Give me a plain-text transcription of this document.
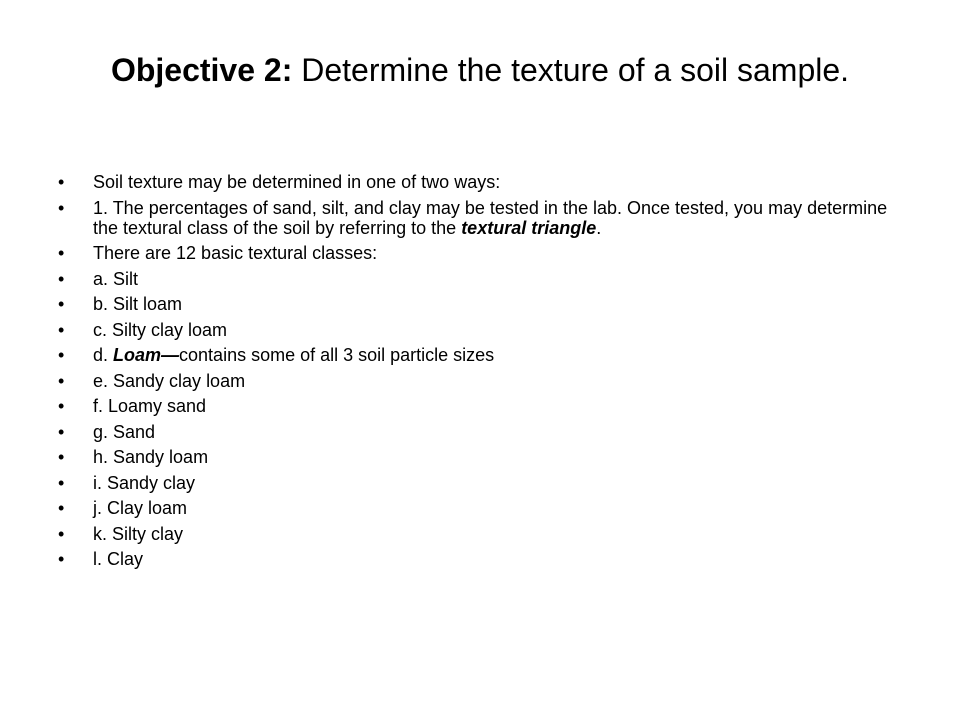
Objective 2: Determine the texture of a soil sample.
•	Soil texture may be determined in one of two ways:
•	1. The percentages of sand, silt, and clay may be tested in the lab. Once tested, you may determine the textural class of the soil by referring to the textural triangle.
•	There are 12 basic textural classes:
•	a. Silt
•	b. Silt loam
•	c. Silty clay loam
•	d. Loam—contains some of all 3 soil particle sizes
•	e. Sandy clay loam
•	f. Loamy sand
•	g. Sand
•	h. Sandy loam
•	i. Sandy clay
•	j. Clay loam
•	k. Silty clay
•	l. Clay
